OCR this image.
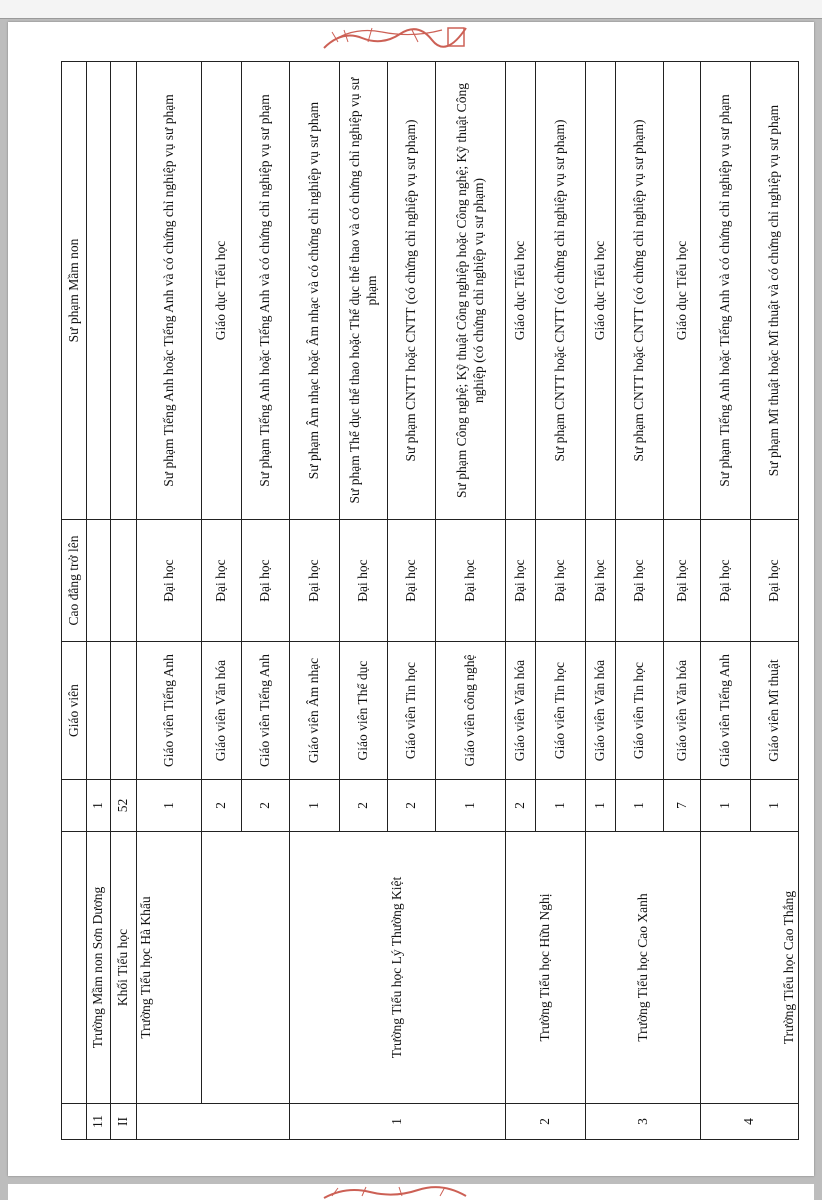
			Giáo viên	Cao đẳng trở lên	Sư phạm Mầm non
11	Trường Mầm non Sơn Dương	1			
II	Khối Tiểu học	52			
	Trường Tiểu học Hà Khẩu	1	Giáo viên Tiếng Anh	Đại học	Sư phạm Tiếng Anh hoặc Tiếng Anh và có chứng chỉ nghiệp vụ sư phạm
		2	Giáo viên Văn hóa	Đại học	Giáo dục Tiểu học
		2	Giáo viên Tiếng Anh	Đại học	Sư phạm Tiếng Anh hoặc Tiếng Anh và có chứng chỉ nghiệp vụ sư phạm
1	Trường Tiểu học Lý Thường Kiệt	1	Giáo viên Âm nhạc	Đại học	Sư phạm Âm nhạc hoặc Âm nhạc và có chứng chỉ nghiệp vụ sư phạm
		2	Giáo viên Thể dục	Đại học	Sư phạm Thể dục thể thao hoặc Thể dục thể thao và có chứng chỉ nghiệp vụ sư phạm
		2	Giáo viên Tin học	Đại học	Sư phạm CNTT hoặc CNTT (có chứng chỉ nghiệp vụ sư phạm)
		1	Giáo viên công nghệ	Đại học	Sư phạm Công nghệ; Kỹ thuật Công nghiệp hoặc Công nghệ; Kỹ thuật Công nghiệp (có chứng chỉ nghiệp vụ sư phạm)
2	Trường Tiểu học Hữu Nghị	2	Giáo viên Văn hóa	Đại học	Giáo dục Tiểu học
		1	Giáo viên Tin học	Đại học	Sư phạm CNTT hoặc CNTT (có chứng chỉ nghiệp vụ sư phạm)
3	Trường Tiểu học Cao Xanh	1	Giáo viên Văn hóa	Đại học	Giáo dục Tiểu học
		1	Giáo viên Tin học	Đại học	Sư phạm CNTT hoặc CNTT (có chứng chỉ nghiệp vụ sư phạm)
		7	Giáo viên Văn hóa	Đại học	Giáo dục Tiểu học
4	Trường Tiểu học Cao Thắng	1	Giáo viên Tiếng Anh	Đại học	Sư phạm Tiếng Anh hoặc Tiếng Anh và có chứng chỉ nghiệp vụ sư phạm
		1	Giáo viên Mĩ thuật	Đại học	Sư phạm Mĩ thuật hoặc Mĩ thuật và có chứng chỉ nghiệp vụ sư phạm
